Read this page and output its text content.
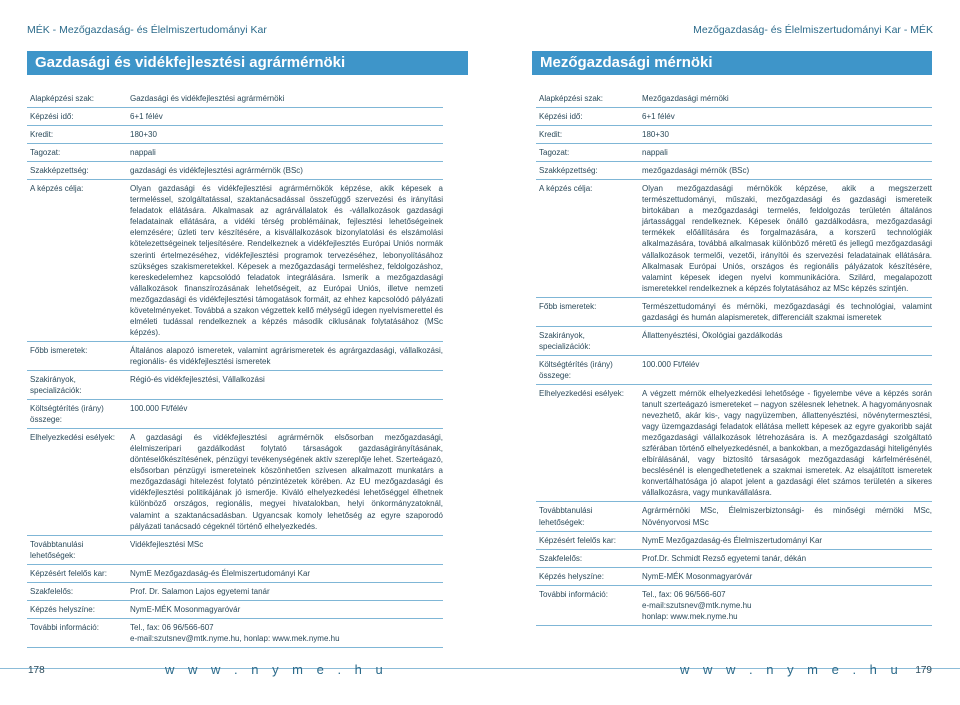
MÉK - Mezőgazdaság- és Élelmiszertudományi Kar
Gazdasági és vidékfejlesztési agrármérnöki
Alapképzési szak:	Gazdasági és vidékfejlesztési agrármérnöki
Képzési idő:	6+1 félév
Kredit:	180+30
Tagozat:	nappali
Szakképzettség:	gazdasági és vidékfejlesztési agrármérnök (BSc)
A képzés célja:	Olyan gazdasági és vidékfejlesztési agrármérnökök képzése, akik képesek a termeléssel, szolgáltatással, szaktanácsadással összefüggő szervezési és irányítási feladatok ellátására. Alkalmasak az agrárvállalatok és -vállalkozások gazdasági feladatainak ellátására, a vidéki térség problémáinak, fejlesztési lehetőségeinek elemzésére; üzleti terv készítésére, a kisvállalkozások bizonylatolási és elszámolási kötelezettségeinek teljesítésére. Rendelkeznek a vidékfejlesztés Európai Uniós normák szerinti értelmezéséhez, vidékfejlesztési programok tervezéséhez, lebonyolításához szükséges szakismeretekkel. Képesek a mezőgazdasági termeléshez, feldolgozáshoz, kereskedelemhez kapcsolódó feladatok integrálására. Ismerik a mezőgazdasági vállalkozások finanszírozásának lehetőségeit, az Európai Uniós, illetve nemzeti mezőgazdasági és vidékfejlesztési támogatások formáit, az ehhez kapcsolódó pályázati követelményeket. Továbbá a szakon végzettek kellő mélységű idegen nyelvismerettel és elméleti tudással rendelkeznek a képzés második ciklusának folytatásához (MSc képzés).
Főbb ismeretek:	Általános alapozó ismeretek, valamint agrárismeretek és agrárgazdasági, vállalkozási, regionális- és vidékfejlesztési ismeretek
Szakirányok, specializációk:
Régió-és vidékfejlesztési, Vállalkozási
Költségtérítés (irány) összege:
100.000 Ft/félév
Elhelyezkedési esélyek:	A gazdasági és vidékfejlesztési agrármérnök elsősorban mezőgazdasági, élelmiszeripari gazdálkodást folytató társaságok gazdaságirányításának, döntéselőkészítésének, pénzügyi tevékenységének aktív szereplője lehet. Szerteágazó, elsősorban pénzügyi ismereteinek köszönhetően szívesen alkalmazott munkatárs a mezőgazdasági hitelezést folytató pénzintézetek körében. Az EU mezőgazdasági és vidékfejlesztési politikájának jó ismerője. Kiváló elhelyezkedési lehetőséggel élhetnek különböző országos, regionális, megyei hivatalokban, helyi önkormányzatoknál, valamint a szaktanácsadásban. Ugyancsak komoly lehetőség az egyre szaporodó pályázati tanácsadó cégeknél történő elhelyezkedés.
Továbbtanulási lehetőségek:
Vidékfejlesztési MSc
Képzésért felelős kar:	NymE Mezőgazdaság-és Élelmiszertudományi Kar
Szakfelelős:	Prof. Dr. Salamon Lajos egyetemi tanár
Képzés helyszíne:	NymE-MÉK Mosonmagyaróvár
További információ:	Tel., fax: 06 96/566-607
e-mail:szutsnev@mtk.nyme.hu, honlap: www.mek.nyme.hu
178	w w w . n y m e . h u
Mezőgazdaság- és Élelmiszertudományi Kar - MÉK
Mezőgazdasági mérnöki
Alapképzési szak:	Mezőgazdasági mérnöki
Képzési idő:	6+1 félév
Kredit:	180+30
Tagozat:	nappali
Szakképzettség:	mezőgazdasági mérnök (BSc)
A képzés célja:	Olyan mezőgazdasági mérnökök képzése, akik a megszerzett természettudományi, műszaki, mezőgazdasági és gazdasági ismereteik birtokában a mezőgazdasági termelés, feldolgozás területén általános jártassággal rendelkeznek. Képesek önálló gazdálkodásra, mezőgazdasági termékek előállítására és forgalmazására, a korszerű technológiák alkalmazására, továbbá alkalmasak különböző méretű és jellegű mezőgazdasági vállalkozások termelői, vezetői, irányítói és szervezési feladatainak ellátására. Alkalmasak Európai Uniós, országos és regionális pályázatok készítésére, valamint képesek idegen nyelvi kommunikációra. Szilárd, megalapozott ismeretekkel rendelkeznek a képzés folytatásához az MSc képzés szintjén.
Főbb ismeretek:	Természettudományi és mérnöki, mezőgazdasági és technológiai, valamint gazdasági és humán alapismeretek, differenciált szakmai ismeretek
Szakirányok, specializációk:
Állattenyésztési, Ökológiai gazdálkodás
Költségtérítés (irány) összege:
100.000 Ft/félév
Elhelyezkedési esélyek:	A végzett mérnök elhelyezkedési lehetősége - figyelembe véve a képzés során tanult szerteágazó ismereteket – nagyon szélesnek lehetnek. A hagyományosnak nevezhető, akár kis-, vagy nagyüzemben, állattenyésztési, növénytermesztési, vagy üzemgazdasági feladatok ellátása mellett képesek az egyre gyakoribb saját mezőgazdasági vállalkozások létrehozására is. A mezőgazdasági szolgáltató szférában történő elhelyezkedésnél, a bankokban, a mezőgazdasági hiteligénylés elbírálásánál, vagy biztosító társaságok mezőgazdasági kárfelmérésénél, becslésénél is elengedhetetlenek a szakmai ismeretek. Az elsajátított ismeretek konvertálhatósága jó alapot jelent a gazdasági élet számos területén a sikeres vállalkozásra, vagy munkavállalásra.
Továbbtanulási lehetőségek:
Agrármérnöki MSc, Élelmiszerbiztonsági- és minőségi mérnöki MSc, Növényorvosi MSc
Képzésért felelős kar:	NymE Mezőgazdaság-és Élelmiszertudományi Kar
Szakfelelős:	Prof.Dr. Schmidt Rezső egyetemi tanár, dékán
Képzés helyszíne:	NymE-MÉK Mosonmagyaróvár
További információ:	Tel., fax: 06 96/566-607
e-mail:szutsnev@mtk.nyme.hu
honlap: www.mek.nyme.hu
179
w w w . n y m e . h u
